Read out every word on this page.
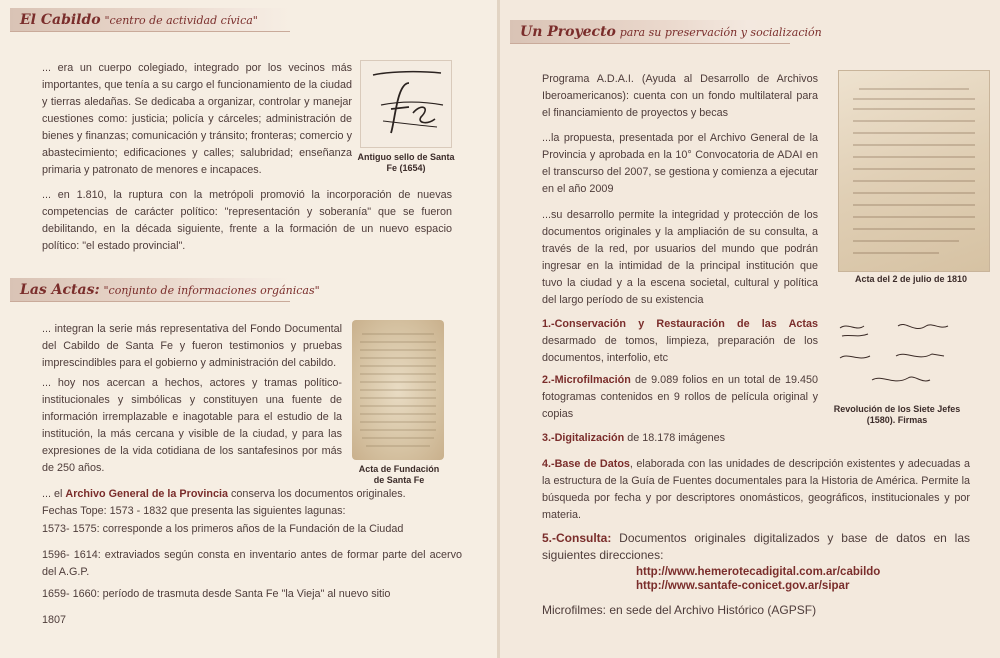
El Cabildo "centro de actividad cívica"
... era un cuerpo colegiado, integrado por los vecinos más importantes, que tenía a su cargo el funcionamiento de la ciudad y tierras aledañas. Se dedicaba a organizar, controlar y manejar cuestiones como: justicia; policía y cárceles; administración de bienes y finanzas; comunicación y tránsito; fronteras; comercio y abastecimiento; edificaciones y calles; salubridad; enseñanza primaria y patronato de menores e incapaces.
Antiguo sello de Santa Fe (1654)
... en 1.810, la ruptura con la metrópoli promovió la incorporación de nuevas competencias de carácter político: "representación y soberanía" que se fueron debilitando, en la década siguiente, frente a la formación de un nuevo espacio político: "el estado provincial".
Las Actas: "conjunto de informaciones orgánicas"
... integran la serie más representativa del Fondo Documental del Cabildo de Santa Fe y fueron testimonios y pruebas imprescindibles para el gobierno y administración del cabildo.
... hoy nos acercan a hechos, actores y tramas político-institucionales y simbólicas y constituyen una fuente de información irremplazable e inagotable para el estudio de la institución, la más cercana y visible de la ciudad, y para las expresiones de la vida cotidiana de los santafesinos por más de 250 años.	Acta de Fundación de Santa Fe
... el Archivo General de la Provincia conserva los documentos originales.
Fechas Tope: 1573 - 1832 que presenta las siguientes lagunas:
1573- 1575: corresponde a los primeros años de la Fundación de la Ciudad
1596- 1614: extraviados según consta en inventario antes de formar parte del acervo del A.G.P.
1659- 1660: período de trasmuta desde Santa Fe "la Vieja" al nuevo sitio
1807
Un Proyecto para su preservación y socialización
Programa A.D.A.I. (Ayuda al Desarrollo de Archivos Iberoamericanos): cuenta con un fondo multilateral para el financiamiento de proyectos y becas
...la propuesta, presentada por el Archivo General de la Provincia y aprobada en la 10° Convocatoria de ADAI en el transcurso del 2007, se gestiona y comienza a ejecutar en el año 2009
...su desarrollo permite la integridad y protección de los documentos originales y la ampliación de su consulta, a través de la red, por usuarios del mundo que podrán ingresar en la intimidad de la principal institución que tuvo la ciudad y a la escena societal, cultural y política del largo período de su existencia
Acta del 2 de julio de 1810
1.-Conservación y Restauración de las Actas desarmado de tomos, limpieza, preparación de los documentos, interfolio, etc
2.-Microfilmación de 9.089 folios en un total de 19.450 fotogramas contenidos en 9 rollos de película original y copias
3.-Digitalización de 18.178 imágenes
Revolución de los Siete Jefes (1580). Firmas
4.-Base de Datos, elaborada con las unidades de descripción existentes y adecuadas a la estructura de la Guía de Fuentes documentales para la Historia de América. Permite la búsqueda por fecha y por descriptores onomásticos, geográficos, institucionales y por materia.
5.-Consulta: Documentos originales digitalizados y base de datos en las siguientes direcciones:
http://www.hemerotecadigital.com.ar/cabildo
http://www.santafe-conicet.gov.ar/sipar
Microfilmes: en sede del Archivo Histórico (AGPSF)
